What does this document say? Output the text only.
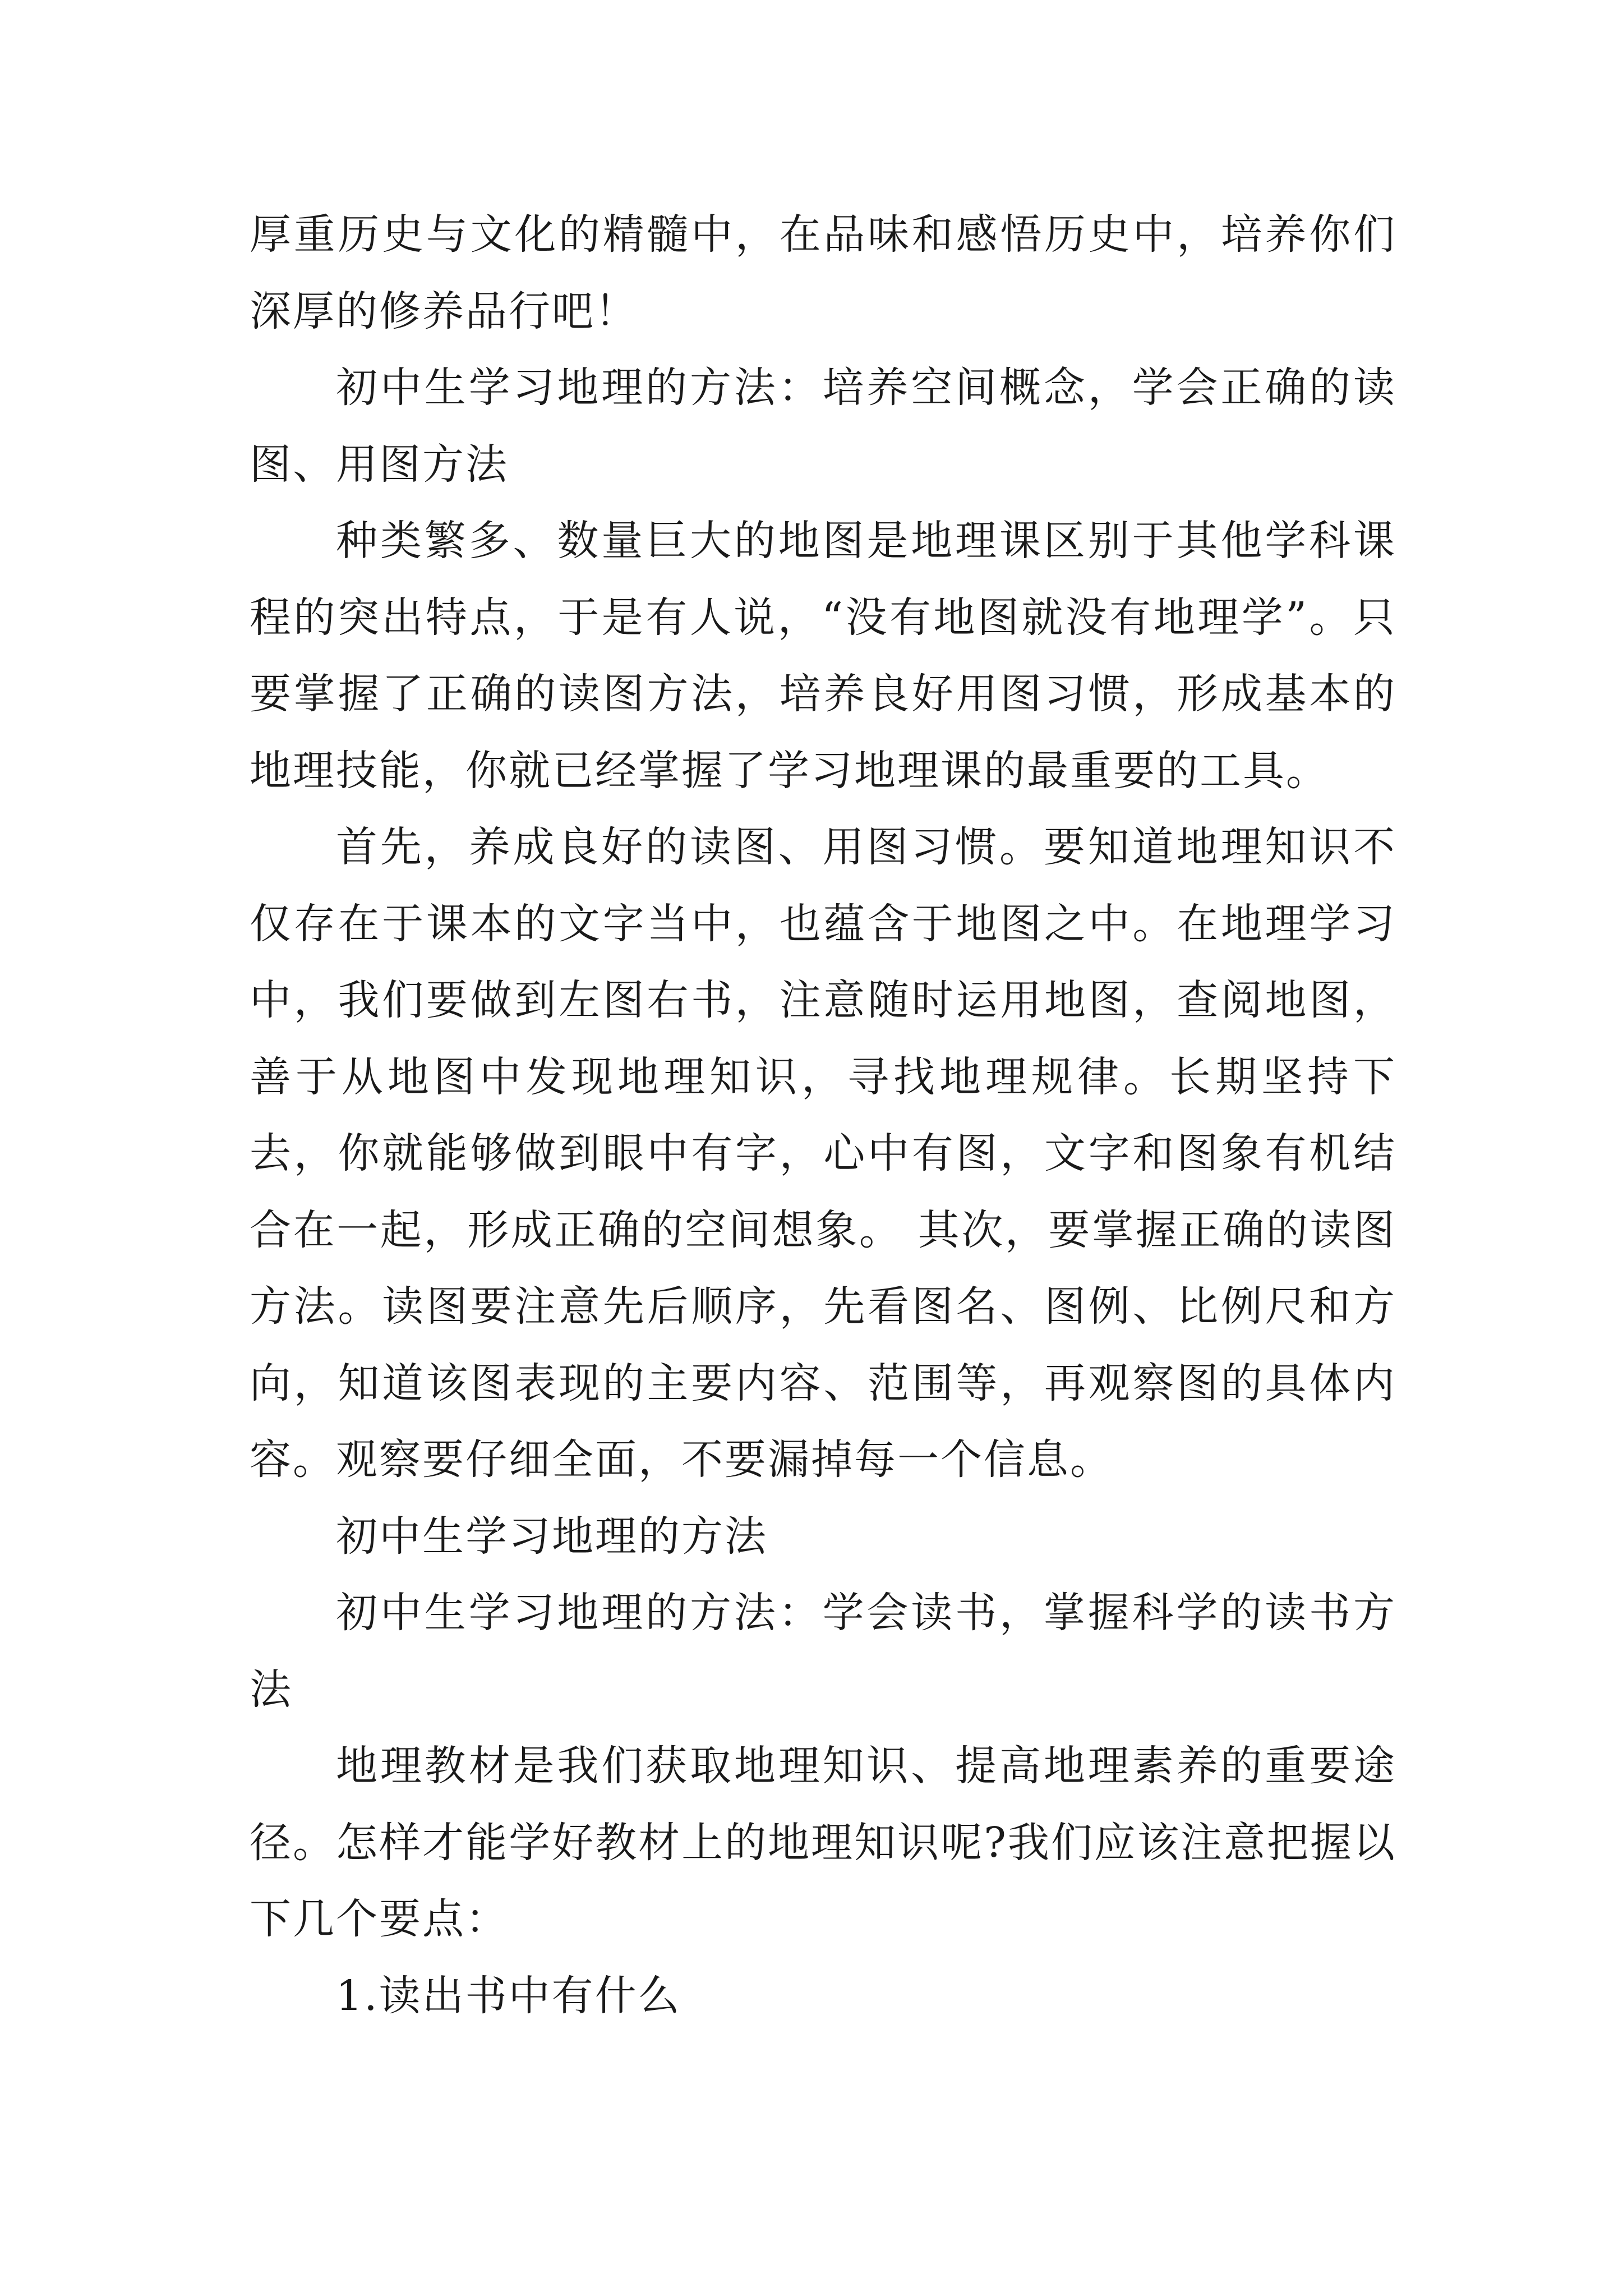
厚重历史与文化的精髓中，在品味和感悟历史中，培养你们深厚的修养品行吧！

初中生学习地理的方法：培养空间概念，学会正确的读图、用图方法

种类繁多、数量巨大的地图是地理课区别于其他学科课程的突出特点，于是有人说，“没有地图就没有地理学”。只要掌握了正确的读图方法，培养良好用图习惯，形成基本的地理技能，你就已经掌握了学习地理课的最重要的工具。

首先，养成良好的读图、用图习惯。要知道地理知识不仅存在于课本的文字当中，也蕴含于地图之中。在地理学习中，我们要做到左图右书，注意随时运用地图，查阅地图，善于从地图中发现地理知识，寻找地理规律。长期坚持下去，你就能够做到眼中有字，心中有图，文字和图象有机结合在一起，形成正确的空间想象。 其次，要掌握正确的读图方法。读图要注意先后顺序，先看图名、图例、比例尺和方向，知道该图表现的主要内容、范围等，再观察图的具体内容。观察要仔细全面，不要漏掉每一个信息。

初中生学习地理的方法

初中生学习地理的方法：学会读书，掌握科学的读书方法

地理教材是我们获取地理知识、提高地理素养的重要途径。怎样才能学好教材上的地理知识呢?我们应该注意把握以下几个要点：

1.读出书中有什么
